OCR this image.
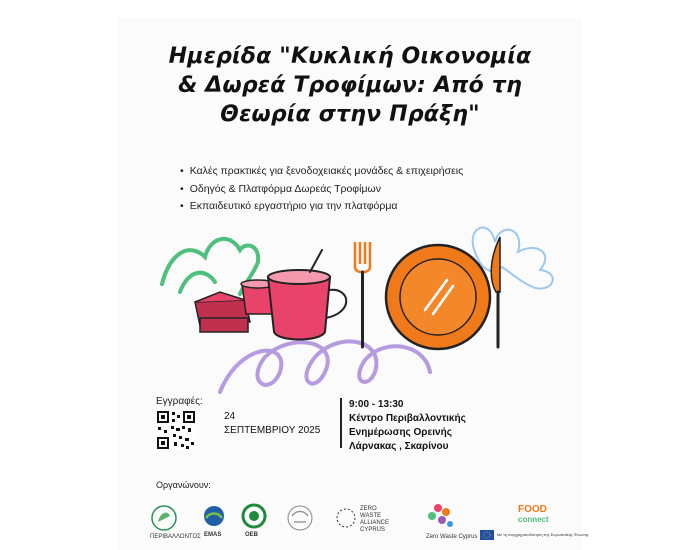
Ημερίδα "Κυκλική Οικονομία
& Δωρεά Τροφίμων: Από τη
Θεωρία στην Πράξη"
• Καλές πρακτικές για ξενοδοχειακές μονάδες & επιχειρήσεις
• Οδηγός & Πλατφόρμα Δωρεάς Τροφίμων
• Εκπαιδευτικό εργαστήριο για την πλατφόρμα
Εγγραφές:
24
ΣΕΠΤΕΜΒΡΙΟΥ 2025
9:00 - 13:30
Κέντρο Περιβαλλοντικής
Ενημέρωσης Ορεινής
Λάρνακας , Σκαρίνου
Οργανώνουν:
ΠΕΡΙΒΑΛΛΟΝΤΟΣ EMAS	ΟΕΒ
ZERO
WASTE
ALLIANCE
CYPRUS
Zero Waste Cyprus
FOOD
connect
Με τη συγχρηματοδότηση της Ευρωπαϊκής Ένωσης
